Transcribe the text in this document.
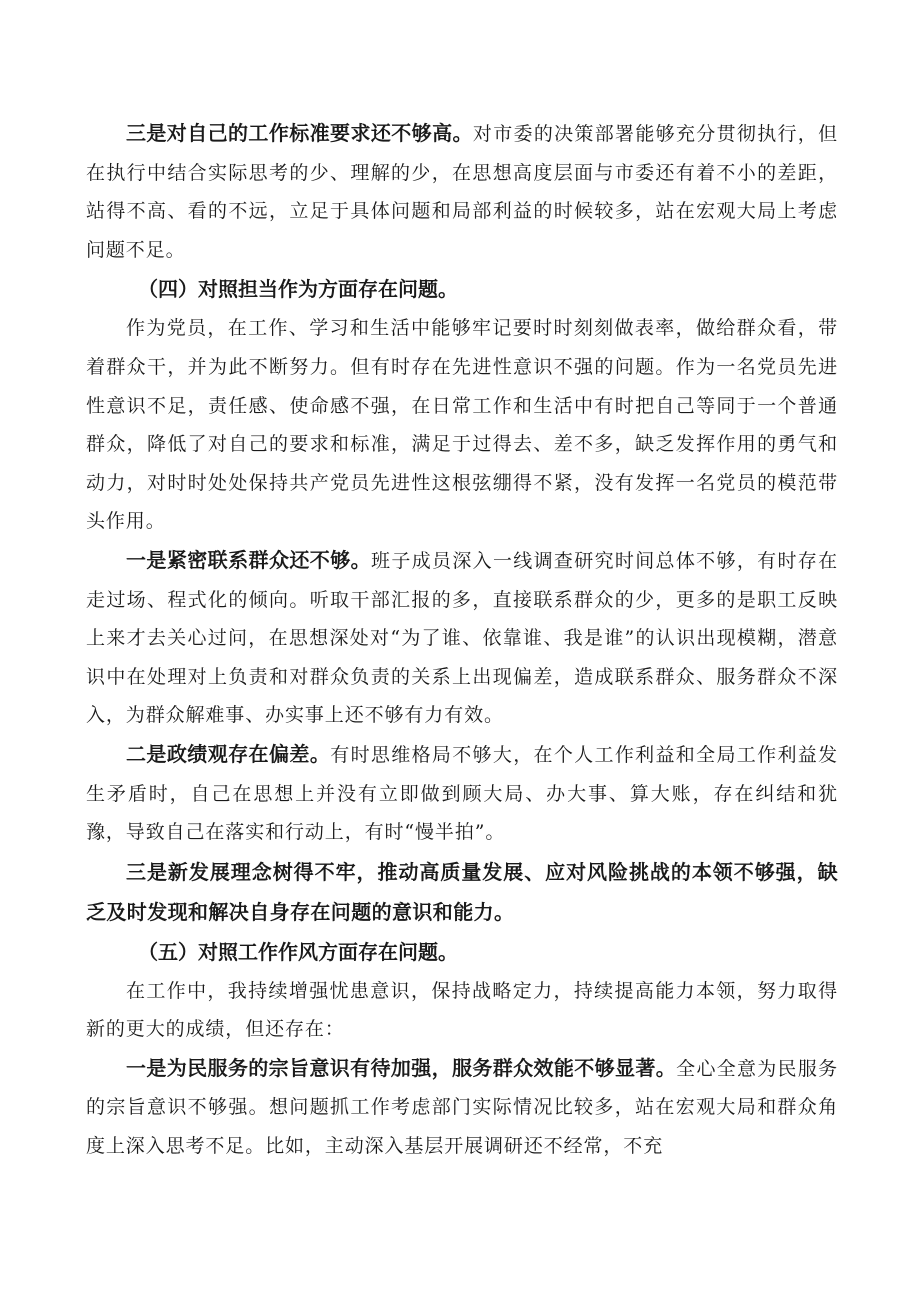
三是对自己的工作标准要求还不够高。对市委的决策部署能够充分贯彻执行，但在执行中结合实际思考的少、理解的少，在思想高度层面与市委还有着不小的差距，站得不高、看的不远，立足于具体问题和局部利益的时候较多，站在宏观大局上考虑问题不足。

（四）对照担当作为方面存在问题。

作为党员，在工作、学习和生活中能够牢记要时时刻刻做表率，做给群众看，带着群众干，并为此不断努力。但有时存在先进性意识不强的问题。作为一名党员先进性意识不足，责任感、使命感不强，在日常工作和生活中有时把自己等同于一个普通群众，降低了对自己的要求和标准，满足于过得去、差不多，缺乏发挥作用的勇气和动力，对时时处处保持共产党员先进性这根弦绷得不紧，没有发挥一名党员的模范带头作用。

一是紧密联系群众还不够。班子成员深入一线调查研究时间总体不够，有时存在走过场、程式化的倾向。听取干部汇报的多，直接联系群众的少，更多的是职工反映上来才去关心过问，在思想深处对“为了谁、依靠谁、我是谁”的认识出现模糊，潜意识中在处理对上负责和对群众负责的关系上出现偏差，造成联系群众、服务群众不深入，为群众解难事、办实事上还不够有力有效。

二是政绩观存在偏差。有时思维格局不够大，在个人工作利益和全局工作利益发生矛盾时，自己在思想上并没有立即做到顾大局、办大事、算大账，存在纠结和犹豫，导致自己在落实和行动上，有时“慢半拍”。

三是新发展理念树得不牢，推动高质量发展、应对风险挑战的本领不够强，缺乏及时发现和解决自身存在问题的意识和能力。

（五）对照工作作风方面存在问题。

在工作中，我持续增强忧患意识，保持战略定力，持续提高能力本领，努力取得新的更大的成绩，但还存在：

一是为民服务的宗旨意识有待加强，服务群众效能不够显著。全心全意为民服务的宗旨意识不够强。想问题抓工作考虑部门实际情况比较多，站在宏观大局和群众角度上深入思考不足。比如，主动深入基层开展调研还不经常，不充
